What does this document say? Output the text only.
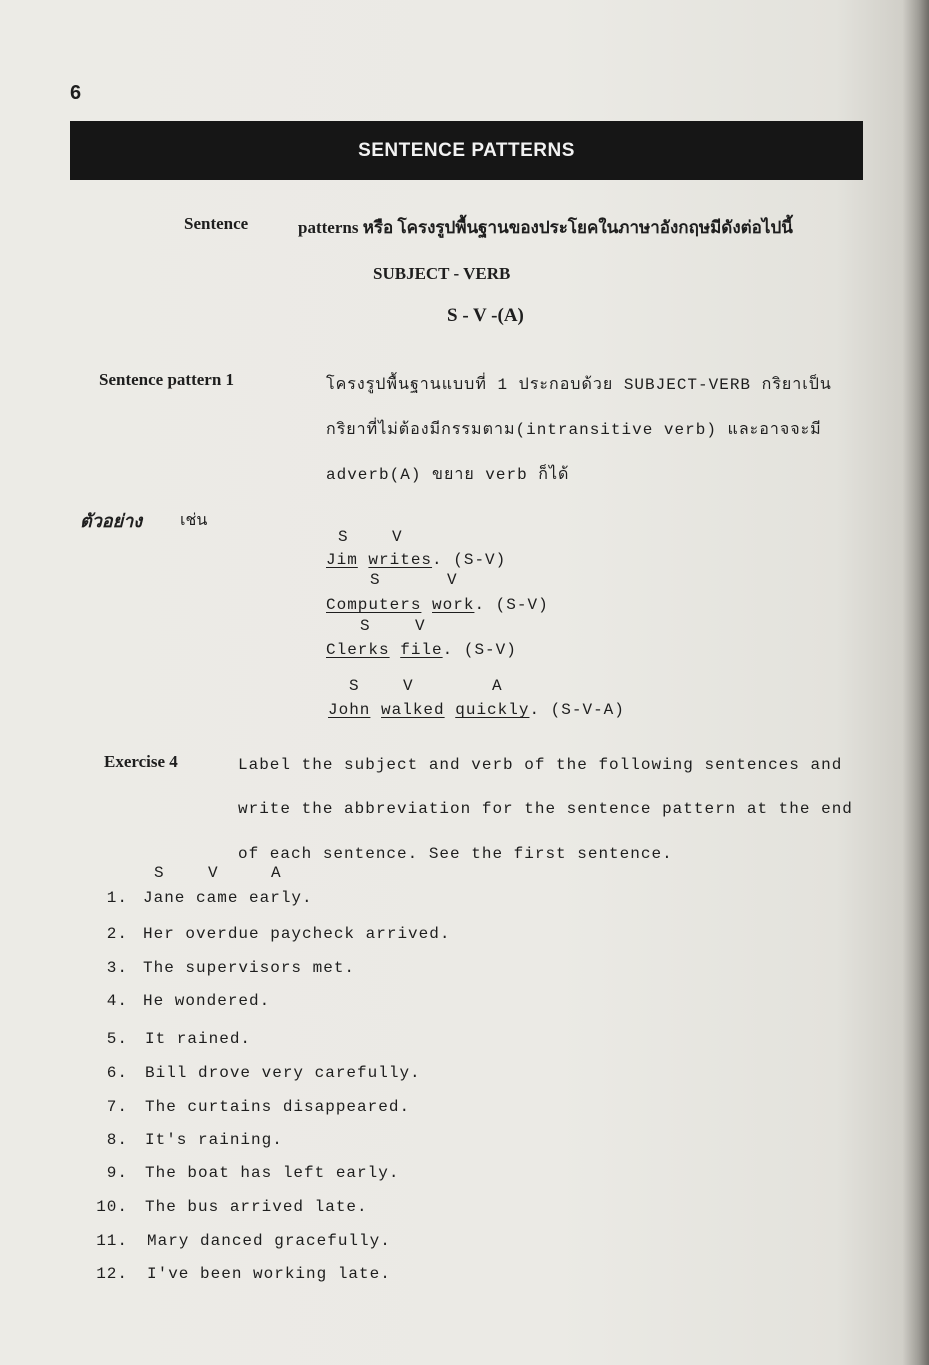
6
SENTENCE PATTERNS
Sentence	patterns หรือ โครงรูปพื้นฐานของประโยคในภาษาอังกฤษมีดังต่อไปนี้
SUBJECT - VERB
S - V -(A)
Sentence pattern 1	โครงรูปพื้นฐานแบบที่ 1 ประกอบด้วย SUBJECT-VERB กริยาเป็น
กริยาที่ไม่ต้องมีกรรมตาม(intransitive verb) และอาจจะมี
adverb(A) ขยาย verb ก็ได้
ตัวอย่าง เช่น
S	V
Jim writes. (S-V)
S	V
Computers work. (S-V)
S	V
Clerks file. (S-V)
S	V	A
John walked quickly. (S-V-A)
Exercise 4	Label the subject and verb of the following sentences and
write the abbreviation for the sentence pattern at the end
of each sentence. See the first sentence.
S	V	A
1. Jane came early.
2. Her overdue paycheck arrived.
3. The supervisors met.
4. He wondered.
5. It rained.
6. Bill drove very carefully.
7. The curtains disappeared.
8. It's raining.
9. The boat has left early.
10. The bus arrived late.
11. Mary danced gracefully.
12. I've been working late.
